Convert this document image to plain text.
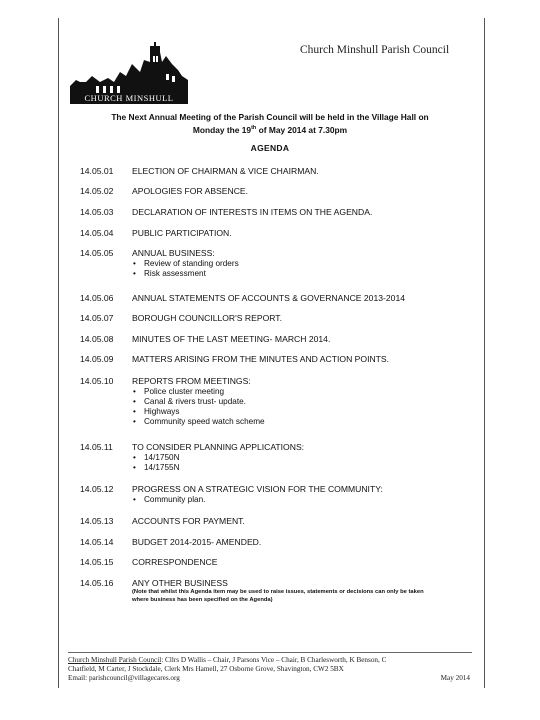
CHURCH MINSHULL
Church Minshull Parish Council
The Next Annual Meeting of the Parish Council will be held in the Village Hall on
Monday the 19th of May 2014 at 7.30pm
AGENDA
14.05.01	ELECTION OF CHAIRMAN & VICE CHAIRMAN.
14.05.02	APOLOGIES FOR ABSENCE.
14.05.03	DECLARATION OF INTERESTS IN ITEMS ON THE AGENDA.
14.05.04	PUBLIC PARTICIPATION.
14.05.05	ANNUAL BUSINESS:
• Review of standing orders
• Risk assessment
14.05.06	ANNUAL STATEMENTS OF ACCOUNTS & GOVERNANCE 2013-2014
14.05.07	BOROUGH COUNCILLOR'S REPORT.
14.05.08	MINUTES OF THE LAST MEETING- MARCH 2014.
14.05.09	MATTERS ARISING FROM THE MINUTES AND ACTION POINTS.
14.05.10	REPORTS FROM MEETINGS:
• Police cluster meeting
• Canal & rivers trust- update.
• Highways
• Community speed watch scheme
14.05.11	TO CONSIDER PLANNING APPLICATIONS:
• 14/1750N
• 14/1755N
14.05.12	PROGRESS ON A STRATEGIC VISION FOR THE COMMUNITY:
• Community plan.
14.05.13	ACCOUNTS FOR PAYMENT.
14.05.14	BUDGET 2014-2015- AMENDED.
14.05.15	CORRESPONDENCE
14.05.16	ANY OTHER BUSINESS
(Note that whilst this Agenda item may be used to raise issues, statements or decisions can only be taken
where business has been specified on the Agenda)
Church Minshull Parish Council: Cllrs D Wallis – Chair, J Parsons Vice – Chair, B Charlesworth, K Benson, C
Chatfield, M Carter, J Stockdale, Clerk Mrs Hamell, 27 Osborne Grove, Shavington, CW2 5BX
Email: parishcouncil@villagecares.org	May 2014
